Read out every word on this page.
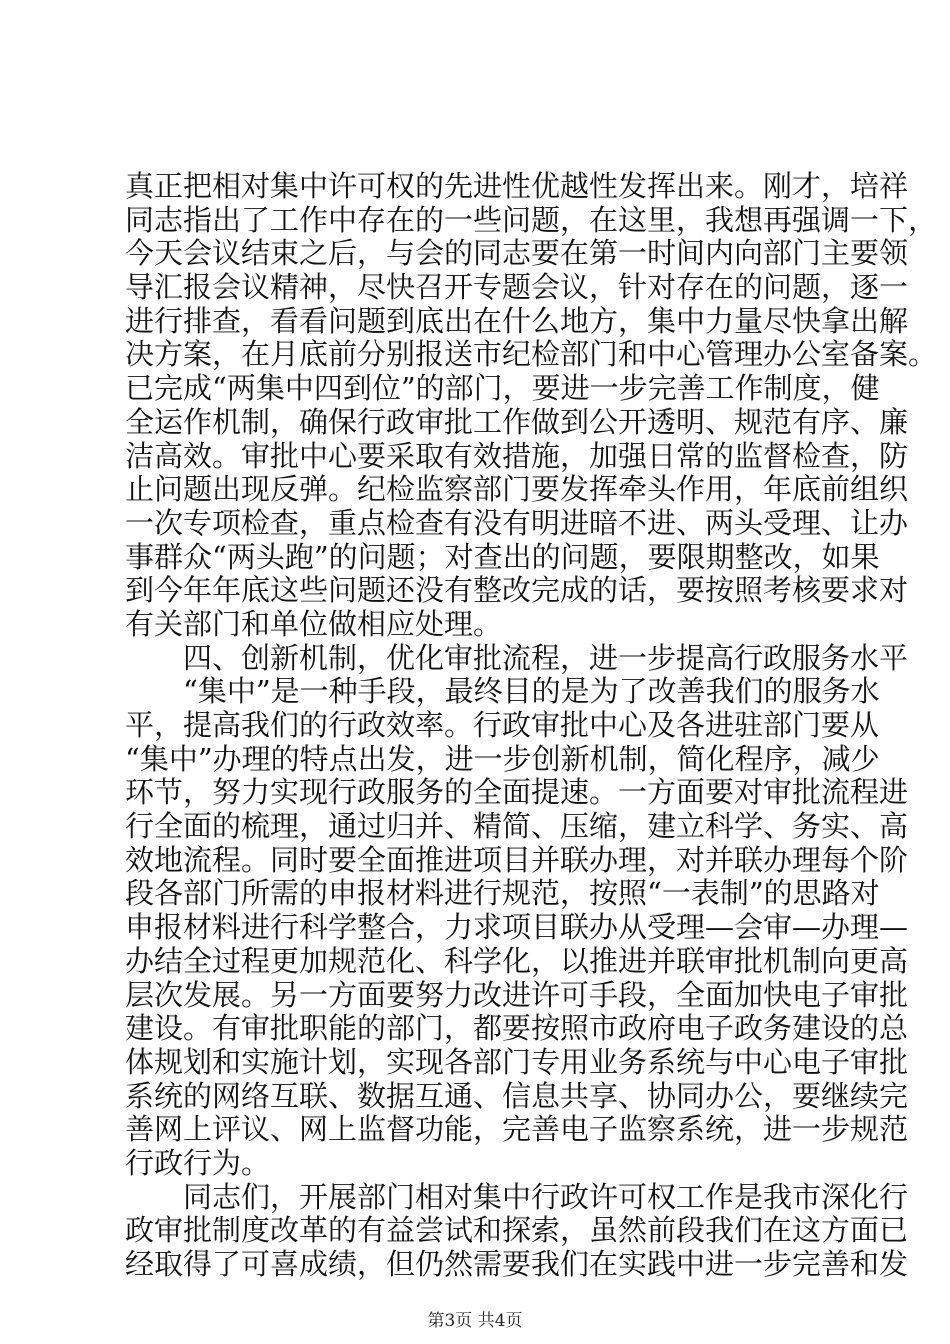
真正把相对集中许可权的先进性优越性发挥出来。刚才，培祥
同志指出了工作中存在的一些问题，在这里，我想再强调一下，
今天会议结束之后，与会的同志要在第一时间内向部门主要领
导汇报会议精神，尽快召开专题会议，针对存在的问题，逐一
进行排查，看看问题到底出在什么地方，集中力量尽快拿出解
决方案，在月底前分别报送市纪检部门和中心管理办公室备案。
已完成“两集中四到位”的部门，要进一步完善工作制度，健
全运作机制，确保行政审批工作做到公开透明、规范有序、廉
洁高效。审批中心要采取有效措施，加强日常的监督检查，防
止问题出现反弹。纪检监察部门要发挥牵头作用，年底前组织
一次专项检查，重点检查有没有明进暗不进、两头受理、让办
事群众“两头跑”的问题；对查出的问题，要限期整改，如果
到今年年底这些问题还没有整改完成的话，要按照考核要求对
有关部门和单位做相应处理。
四、创新机制，优化审批流程，进一步提高行政服务水平
“集中”是一种手段，最终目的是为了改善我们的服务水
平，提高我们的行政效率。行政审批中心及各进驻部门要从
“集中”办理的特点出发，进一步创新机制，简化程序，减少
环节，努力实现行政服务的全面提速。一方面要对审批流程进
行全面的梳理，通过归并、精简、压缩，建立科学、务实、高
效地流程。同时要全面推进项目并联办理，对并联办理每个阶
段各部门所需的申报材料进行规范，按照“一表制”的思路对
申报材料进行科学整合，力求项目联办从受理—会审—办理—
办结全过程更加规范化、科学化，以推进并联审批机制向更高
层次发展。另一方面要努力改进许可手段，全面加快电子审批
建设。有审批职能的部门，都要按照市政府电子政务建设的总
体规划和实施计划，实现各部门专用业务系统与中心电子审批
系统的网络互联、数据互通、信息共享、协同办公，要继续完
善网上评议、网上监督功能，完善电子监察系统，进一步规范
行政行为。
同志们，开展部门相对集中行政许可权工作是我市深化行
政审批制度改革的有益尝试和探索，虽然前段我们在这方面已
经取得了可喜成绩，但仍然需要我们在实践中进一步完善和发
第3页 共4页
